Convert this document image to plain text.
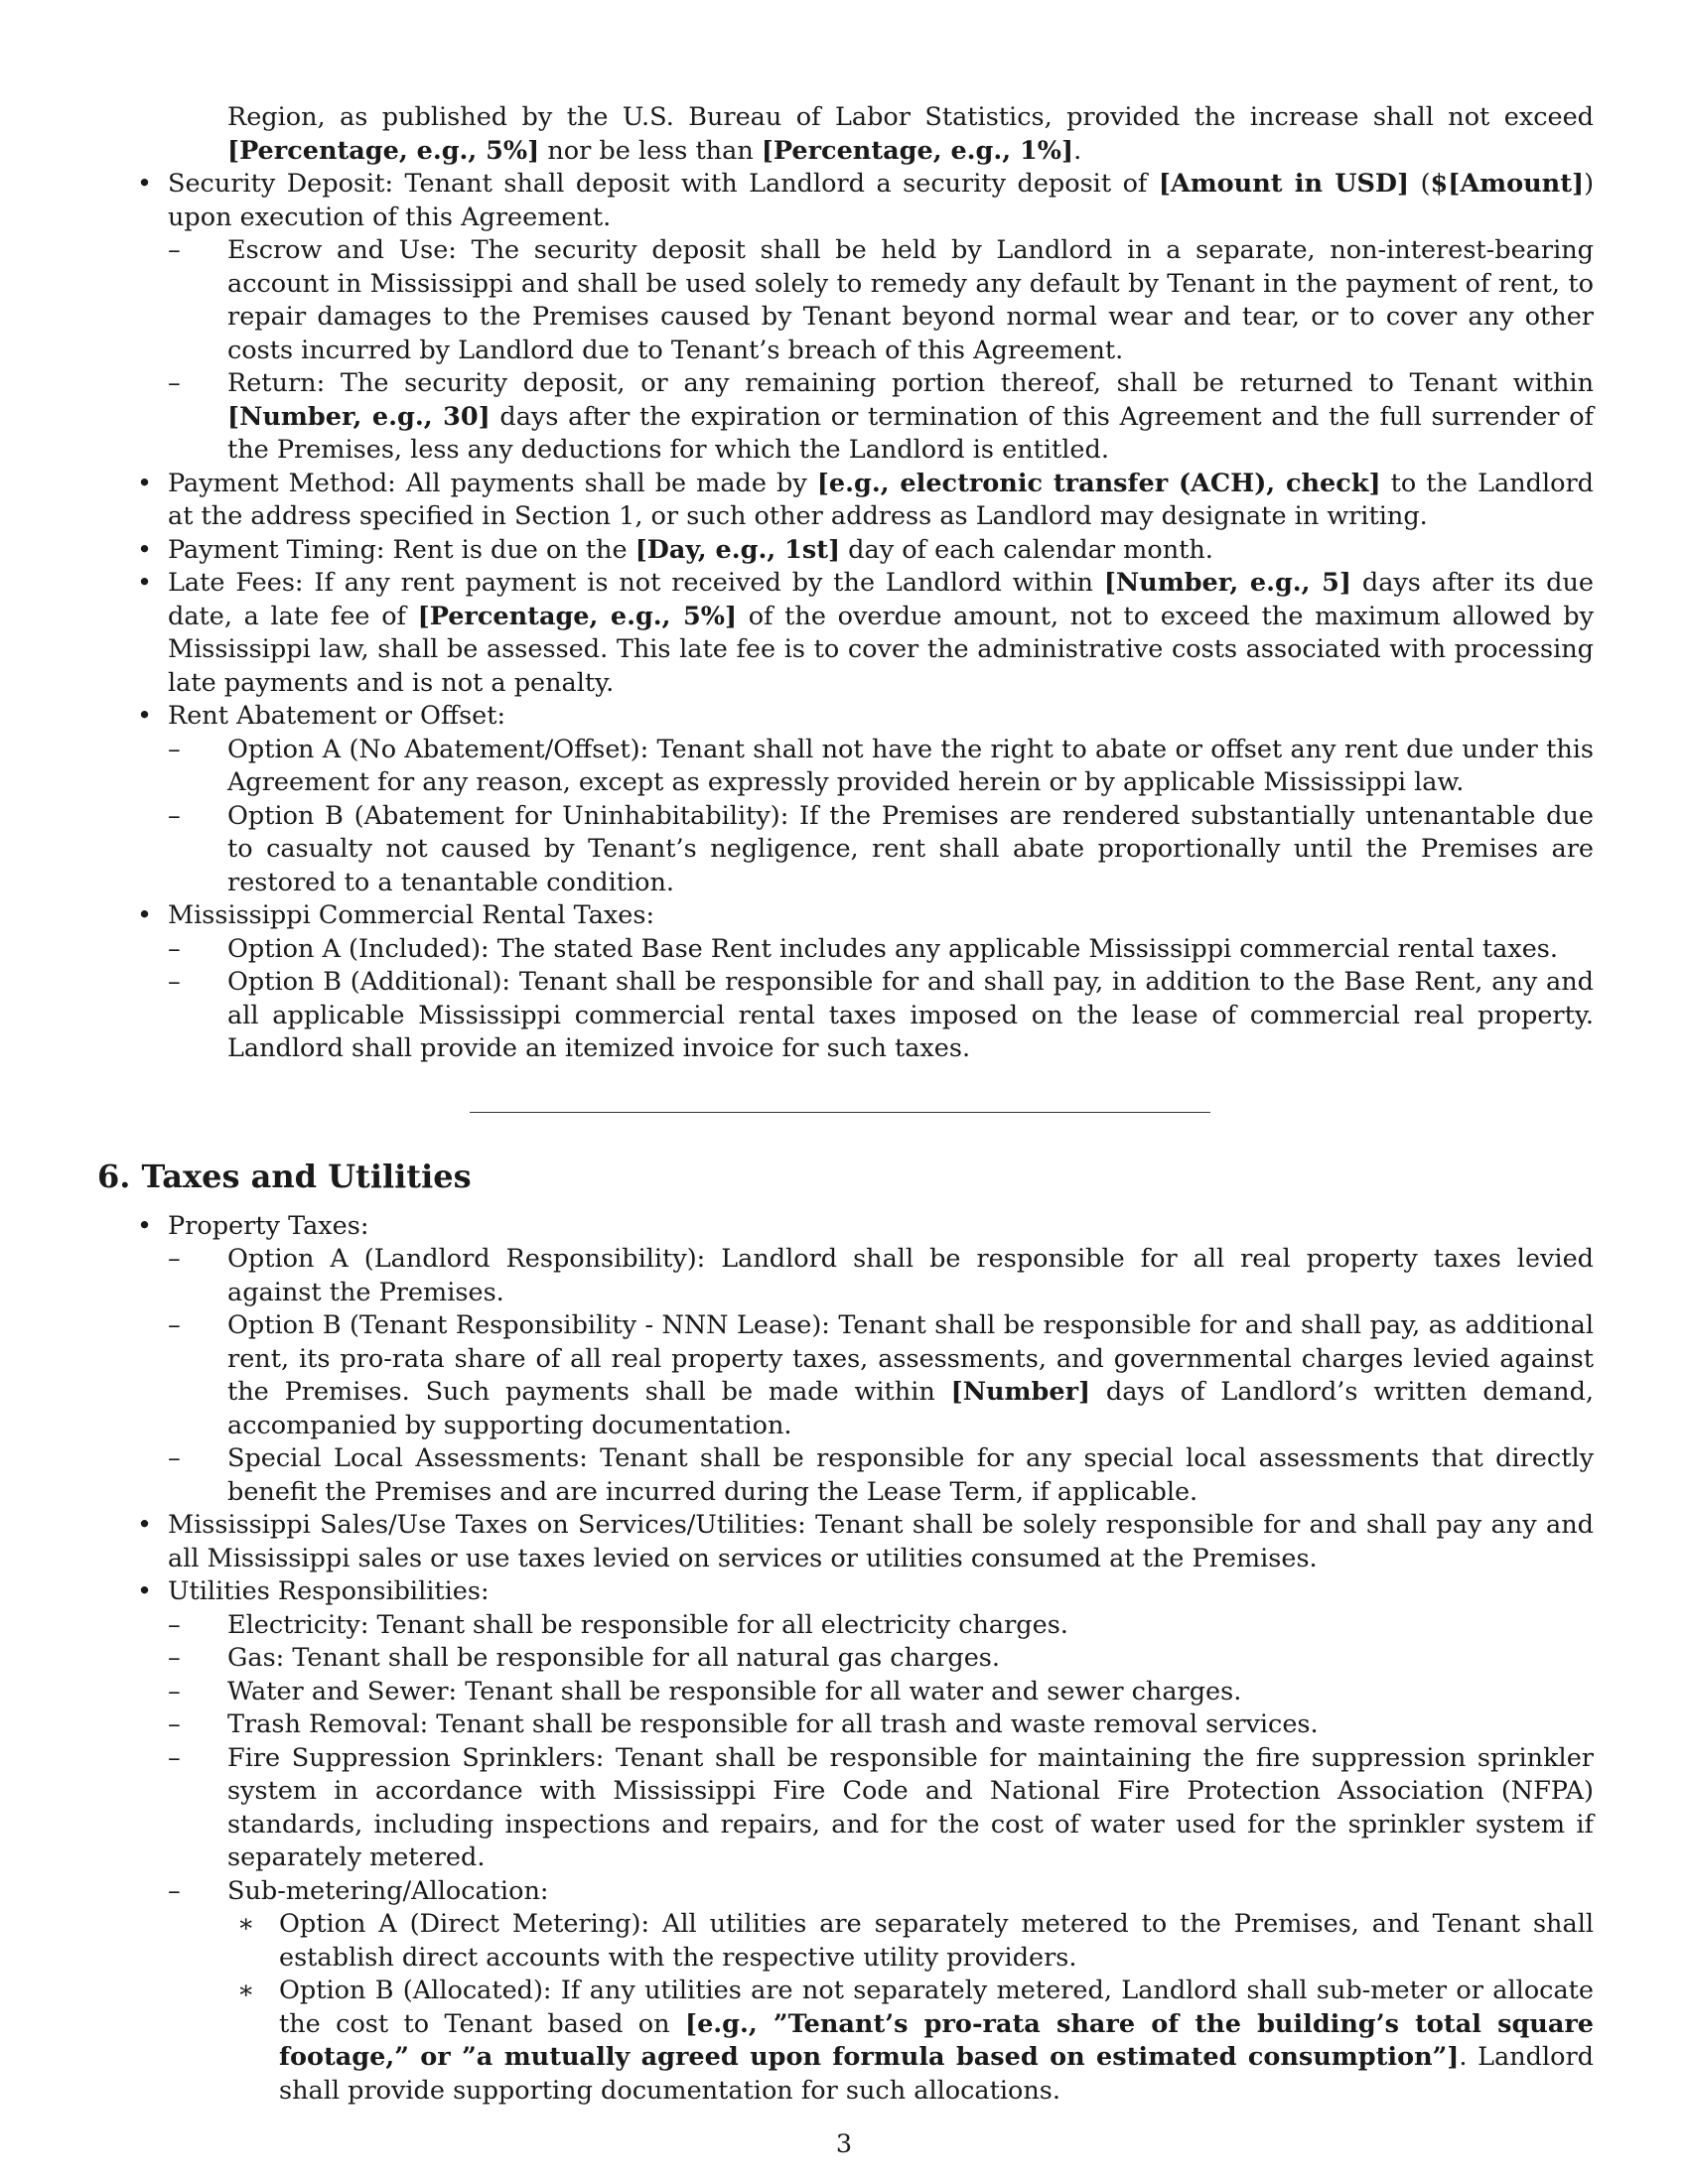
Region, as published by the U.S. Bureau of Labor Statistics, provided the increase shall not exceed [Percentage, e.g., 5%] nor be less than [Percentage, e.g., 1%].

• Security Deposit: Tenant shall deposit with Landlord a security deposit of [Amount in USD] ($[Amount]) upon execution of this Agreement.
– Escrow and Use: The security deposit shall be held by Landlord in a separate, non-interest-bearing account in Mississippi and shall be used solely to remedy any default by Tenant in the payment of rent, to repair damages to the Premises caused by Tenant beyond normal wear and tear, or to cover any other costs incurred by Landlord due to Tenant’s breach of this Agreement.
– Return: The security deposit, or any remaining portion thereof, shall be returned to Tenant within [Number, e.g., 30] days after the expiration or termination of this Agreement and the full surrender of the Premises, less any deductions for which the Landlord is entitled.
• Payment Method: All payments shall be made by [e.g., electronic transfer (ACH), check] to the Landlord at the address specified in Section 1, or such other address as Landlord may designate in writing.
• Payment Timing: Rent is due on the [Day, e.g., 1st] day of each calendar month.
• Late Fees: If any rent payment is not received by the Landlord within [Number, e.g., 5] days after its due date, a late fee of [Percentage, e.g., 5%] of the overdue amount, not to exceed the maximum allowed by Mississippi law, shall be assessed. This late fee is to cover the administrative costs associated with processing late payments and is not a penalty.
• Rent Abatement or Offset:
– Option A (No Abatement/Offset): Tenant shall not have the right to abate or offset any rent due under this Agreement for any reason, except as expressly provided herein or by applicable Mississippi law.
– Option B (Abatement for Uninhabitability): If the Premises are rendered substantially untenantable due to casualty not caused by Tenant’s negligence, rent shall abate proportionally until the Premises are restored to a tenantable condition.
• Mississippi Commercial Rental Taxes:
– Option A (Included): The stated Base Rent includes any applicable Mississippi commercial rental taxes.
– Option B (Additional): Tenant shall be responsible for and shall pay, in addition to the Base Rent, any and all applicable Mississippi commercial rental taxes imposed on the lease of commercial real property. Landlord shall provide an itemized invoice for such taxes.
6. Taxes and Utilities
• Property Taxes:
– Option A (Landlord Responsibility): Landlord shall be responsible for all real property taxes levied against the Premises.
– Option B (Tenant Responsibility - NNN Lease): Tenant shall be responsible for and shall pay, as additional rent, its pro-rata share of all real property taxes, assessments, and governmental charges levied against the Premises. Such payments shall be made within [Number] days of Landlord’s written demand, accompanied by supporting documentation.
– Special Local Assessments: Tenant shall be responsible for any special local assessments that directly benefit the Premises and are incurred during the Lease Term, if applicable.
• Mississippi Sales/Use Taxes on Services/Utilities: Tenant shall be solely responsible for and shall pay any and all Mississippi sales or use taxes levied on services or utilities consumed at the Premises.
• Utilities Responsibilities:
– Electricity: Tenant shall be responsible for all electricity charges.
– Gas: Tenant shall be responsible for all natural gas charges.
– Water and Sewer: Tenant shall be responsible for all water and sewer charges.
– Trash Removal: Tenant shall be responsible for all trash and waste removal services.
– Fire Suppression Sprinklers: Tenant shall be responsible for maintaining the fire suppression sprinkler system in accordance with Mississippi Fire Code and National Fire Protection Association (NFPA) standards, including inspections and repairs, and for the cost of water used for the sprinkler system if separately metered.
– Sub-metering/Allocation:
∗ Option A (Direct Metering): All utilities are separately metered to the Premises, and Tenant shall establish direct accounts with the respective utility providers.
∗ Option B (Allocated): If any utilities are not separately metered, Landlord shall sub-meter or allocate the cost to Tenant based on [e.g., ”Tenant’s pro-rata share of the building’s total square footage,” or ”a mutually agreed upon formula based on estimated consumption”]. Landlord shall provide supporting documentation for such allocations.
3
